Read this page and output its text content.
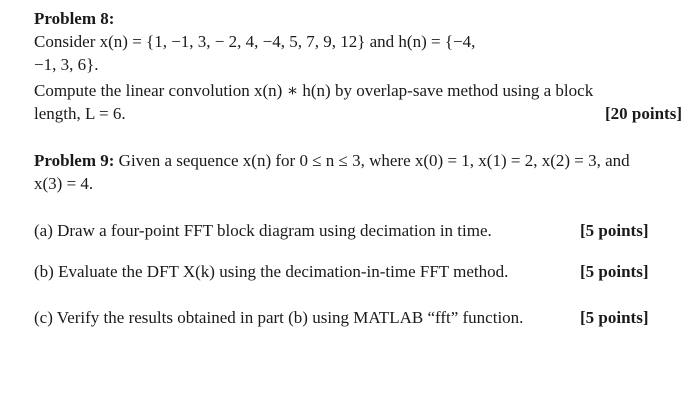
Problem 8:
Consider x(n) = {1, −1, 3, − 2, 4, −4, 5, 7, 9, 12} and h(n) = {−4,
−1, 3, 6}.
Compute the linear convolution x(n) ∗ h(n) by overlap-save method using a block
length, L = 6.	[20 points]
Problem 9: Given a sequence x(n) for 0 ≤ n ≤ 3, where x(0) = 1, x(1) = 2, x(2) = 3, and
x(3) = 4.
(a) Draw a four-point FFT block diagram using decimation in time.	[5 points]
(b) Evaluate the DFT X(k) using the decimation-in-time FFT method.	[5 points]
(c) Verify the results obtained in part (b) using MATLAB “fft” function.	[5 points]
